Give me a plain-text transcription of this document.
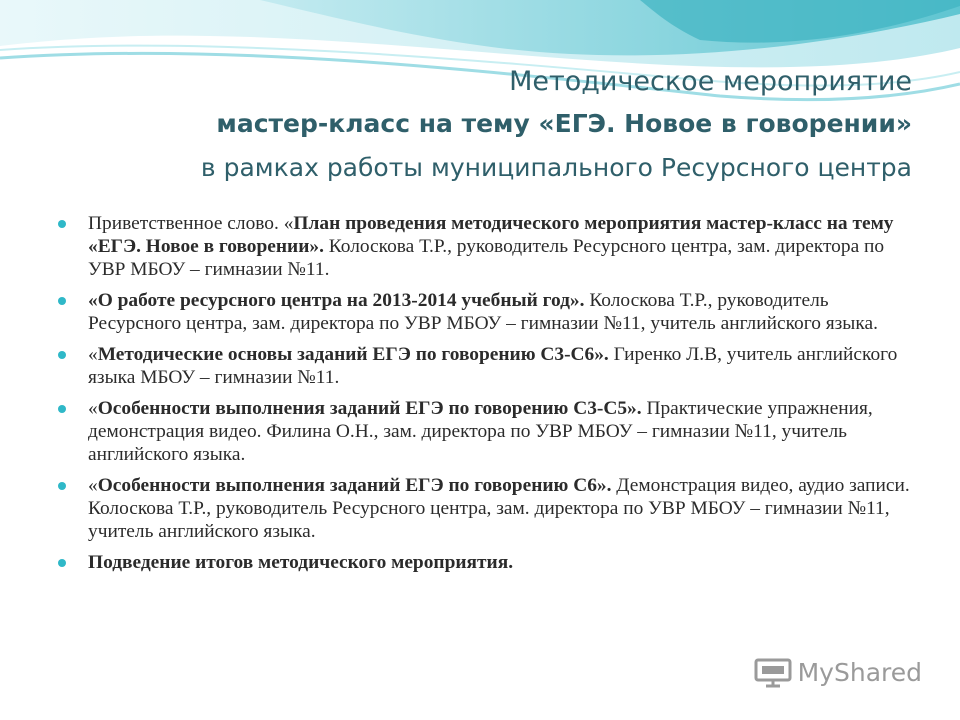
Методическое мероприятие
мастер-класс на тему «ЕГЭ. Новое в говорении»
в рамках работы муниципального Ресурсного центра
Приветственное слово. «План проведения методического мероприятия мастер-класс на тему «ЕГЭ. Новое в говорении». Колоскова Т.Р., руководитель Ресурсного центра, зам. директора по УВР МБОУ – гимназии №11.
«О работе ресурсного центра на 2013-2014 учебный год». Колоскова Т.Р., руководитель Ресурсного центра, зам. директора по УВР МБОУ – гимназии №11, учитель английского языка.
«Методические основы заданий ЕГЭ по говорению С3-С6». Гиренко Л.В, учитель английского языка МБОУ – гимназии №11.
«Особенности выполнения заданий ЕГЭ по говорению С3-С5». Практические упражнения, демонстрация видео. Филина О.Н., зам. директора по УВР МБОУ – гимназии №11, учитель английского языка.
«Особенности выполнения заданий ЕГЭ по говорению С6». Демонстрация видео, аудио записи. Колоскова Т.Р., руководитель Ресурсного центра, зам. директора по УВР МБОУ – гимназии №11, учитель английского языка.
Подведение итогов методического мероприятия.
MyShared
